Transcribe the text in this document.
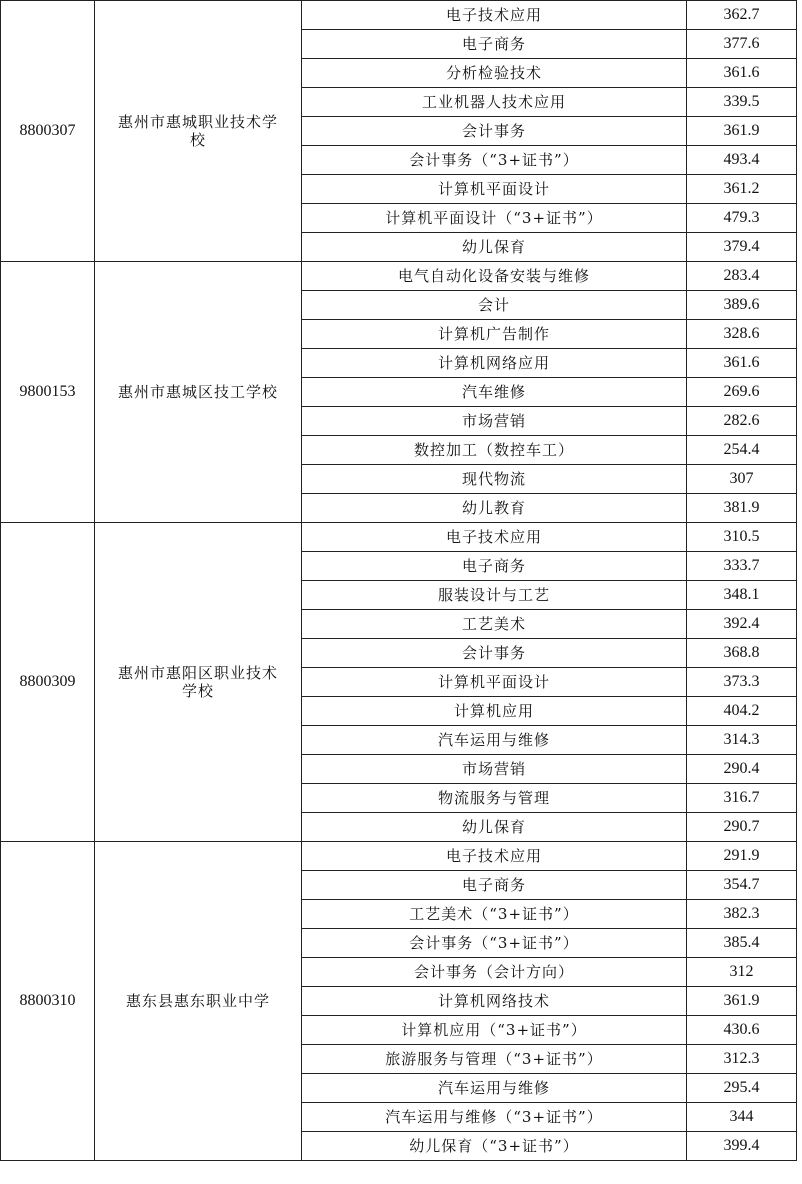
8800307	惠州市惠城职业技术学校	电子技术应用	362.7
		电子商务	377.6
		分析检验技术	361.6
		工业机器人技术应用	339.5
		会计事务	361.9
		会计事务（“3+证书”）	493.4
		计算机平面设计	361.2
		计算机平面设计（“3+证书”）	479.3
		幼儿保育	379.4
9800153	惠州市惠城区技工学校	电气自动化设备安装与维修	283.4
		会计	389.6
		计算机广告制作	328.6
		计算机网络应用	361.6
		汽车维修	269.6
		市场营销	282.6
		数控加工（数控车工）	254.4
		现代物流	307
		幼儿教育	381.9
8800309	惠州市惠阳区职业技术学校	电子技术应用	310.5
		电子商务	333.7
		服装设计与工艺	348.1
		工艺美术	392.4
		会计事务	368.8
		计算机平面设计	373.3
		计算机应用	404.2
		汽车运用与维修	314.3
		市场营销	290.4
		物流服务与管理	316.7
		幼儿保育	290.7
8800310	惠东县惠东职业中学	电子技术应用	291.9
		电子商务	354.7
		工艺美术（“3+证书”）	382.3
		会计事务（“3+证书”）	385.4
		会计事务（会计方向）	312
		计算机网络技术	361.9
		计算机应用（“3+证书”）	430.6
		旅游服务与管理（“3+证书”）	312.3
		汽车运用与维修	295.4
		汽车运用与维修（“3+证书”）	344
		幼儿保育（“3+证书”）	399.4
